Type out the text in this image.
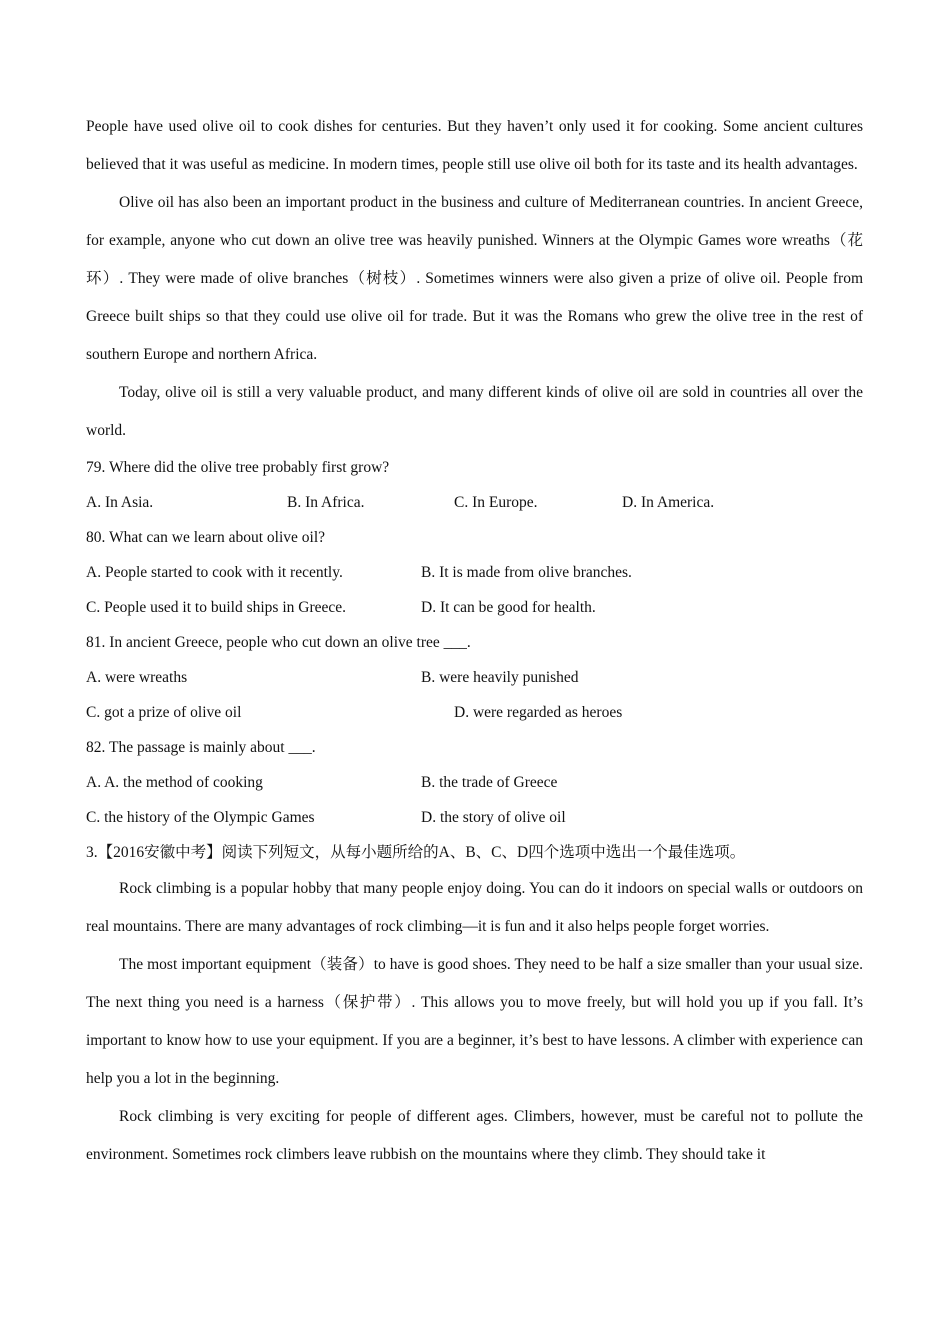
People have used olive oil to cook dishes for centuries. But they haven’t only used it for cooking. Some ancient cultures believed that it was useful as medicine. In modern times, people still use olive oil both for its taste and its health advantages.

Olive oil has also been an important product in the business and culture of Mediterranean countries. In ancient Greece, for example, anyone who cut down an olive tree was heavily punished. Winners at the Olympic Games wore wreaths（花环）. They were made of olive branches（树枝）. Sometimes winners were also given a prize of olive oil. People from Greece built ships so that they could use olive oil for trade. But it was the Romans who grew the olive tree in the rest of southern Europe and northern Africa.

Today, olive oil is still a very valuable product, and many different kinds of olive oil are sold in countries all over the world.

79. Where did the olive tree probably first grow?
A. In Asia.	B. In Africa.	C. In Europe.	D. In America.
80. What can we learn about olive oil?
A. People started to cook with it recently.	B. It is made from olive branches.
C. People used it to build ships in Greece.	D. It can be good for health.
81. In ancient Greece, people who cut down an olive tree ___.
A. were wreaths	B. were heavily punished
C. got a prize of olive oil	D. were regarded as heroes
82. The passage is mainly about ___.
A. A. the method of cooking	B. the trade of Greece
C. the history of the Olympic Games	D. the story of olive oil
3.【2016安徽中考】阅读下列短文，从每小题所给的A、B、C、D四个选项中选出一个最佳选项。

Rock climbing is a popular hobby that many people enjoy doing. You can do it indoors on special walls or outdoors on real mountains. There are many advantages of rock climbing—it is fun and it also helps people forget worries.

The most important equipment（装备）to have is good shoes. They need to be half a size smaller than your usual size. The next thing you need is a harness（保护带）. This allows you to move freely, but will hold you up if you fall. It’s important to know how to use your equipment. If you are a beginner, it’s best to have lessons. A climber with experience can help you a lot in the beginning.

Rock climbing is very exciting for people of different ages. Climbers, however, must be careful not to pollute the environment. Sometimes rock climbers leave rubbish on the mountains where they climb. They should take it
